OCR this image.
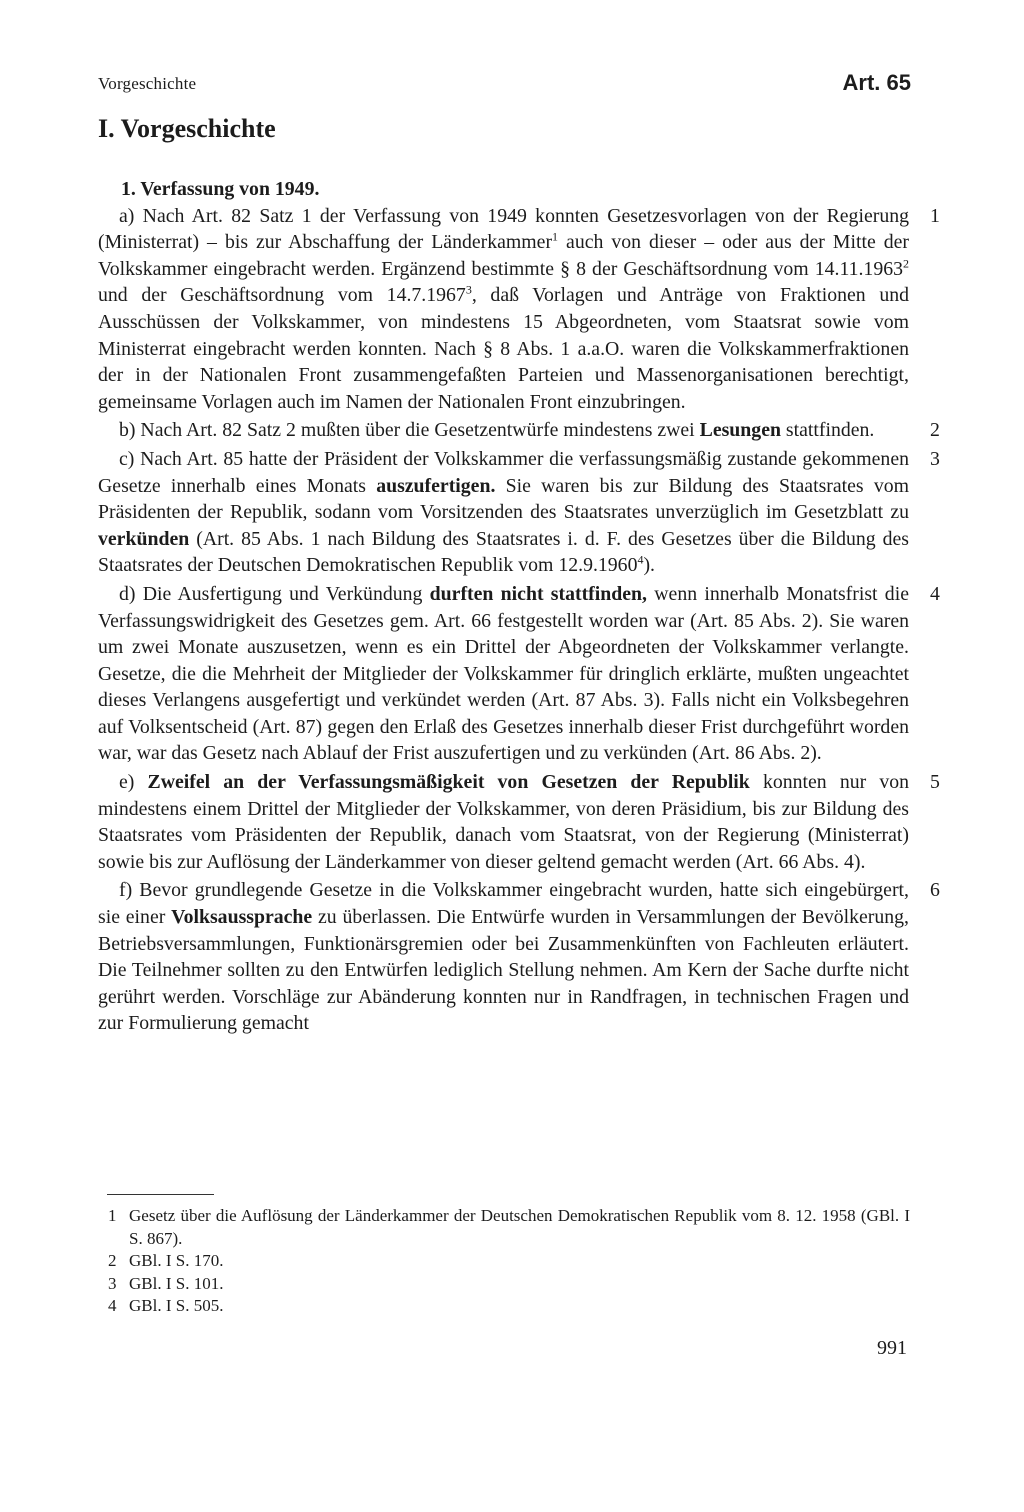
Vorgeschichte	Art. 65
I. Vorgeschichte
1. Verfassung von 1949.

a) Nach Art. 82 Satz 1 der Verfassung von 1949 konnten Gesetzesvorlagen von der Regierung (Ministerrat) – bis zur Abschaffung der Länderkammer$^1$ auch von dieser – oder aus der Mitte der Volkskammer eingebracht werden. Ergänzend bestimmte § 8 der Geschäftsordnung vom 14.11.1963$^2$ und der Geschäftsordnung vom 14.7.1967$^3$, daß Vorlagen und Anträge von Fraktionen und Ausschüssen der Volkskammer, von mindestens 15 Abgeordneten, vom Staatsrat sowie vom Ministerrat eingebracht werden konnten. Nach § 8 Abs. 1 a.a.O. waren die Volkskammerfraktionen der in der Nationalen Front zusammengefaßten Parteien und Massenorganisationen berechtigt, gemeinsame Vorlagen auch im Namen der Nationalen Front einzubringen.
1

b) Nach Art. 82 Satz 2 mußten über die Gesetzentwürfe mindestens zwei Lesungen stattfinden.	2

c) Nach Art. 85 hatte der Präsident der Volkskammer die verfassungsmäßig zustande gekommenen Gesetze innerhalb eines Monats auszufertigen. Sie waren bis zur Bildung des Staatsrates vom Präsidenten der Republik, sodann vom Vorsitzenden des Staatsrates unverzüglich im Gesetzblatt zu verkünden (Art. 85 Abs. 1 nach Bildung des Staatsrates i. d. F. des Gesetzes über die Bildung des Staatsrates der Deutschen Demokratischen Republik vom 12.9.1960$^4$).
3

d) Die Ausfertigung und Verkündung durften nicht stattfinden, wenn innerhalb Monatsfrist die Verfassungswidrigkeit des Gesetzes gem. Art. 66 festgestellt worden war (Art. 85 Abs. 2). Sie waren um zwei Monate auszusetzen, wenn es ein Drittel der Abgeordneten der Volkskammer verlangte. Gesetze, die die Mehrheit der Mitglieder der Volkskammer für dringlich erklärte, mußten ungeachtet dieses Verlangens ausgefertigt und verkündet werden (Art. 87 Abs. 3). Falls nicht ein Volksbegehren auf Volksentscheid (Art. 87) gegen den Erlaß des Gesetzes innerhalb dieser Frist durchgeführt worden war, war das Gesetz nach Ablauf der Frist auszufertigen und zu verkünden (Art. 86 Abs. 2).
4

e) Zweifel an der Verfassungsmäßigkeit von Gesetzen der Republik konnten nur von mindestens einem Drittel der Mitglieder der Volkskammer, von deren Präsidium, bis zur Bildung des Staatsrates vom Präsidenten der Republik, danach vom Staatsrat, von der Regierung (Ministerrat) sowie bis zur Auflösung der Länderkammer von dieser geltend gemacht werden (Art. 66 Abs. 4).
5

f) Bevor grundlegende Gesetze in die Volkskammer eingebracht wurden, hatte sich eingebürgert, sie einer Volksaussprache zu überlassen. Die Entwürfe wurden in Versammlungen der Bevölkerung, Betriebsversammlungen, Funktionärsgremien oder bei Zusammenkünften von Fachleuten erläutert. Die Teilnehmer sollten zu den Entwürfen lediglich Stellung nehmen. Am Kern der Sache durfte nicht gerührt werden. Vorschläge zur Abänderung konnten nur in Randfragen, in technischen Fragen und zur Formulierung gemacht
6

1 Gesetz über die Auflösung der Länderkammer der Deutschen Demokratischen Republik vom 8. 12. 1958 (GBl. I S. 867).
2 GBl. I S. 170.
3 GBl. I S. 101.
4 GBl. I S. 505.
991
